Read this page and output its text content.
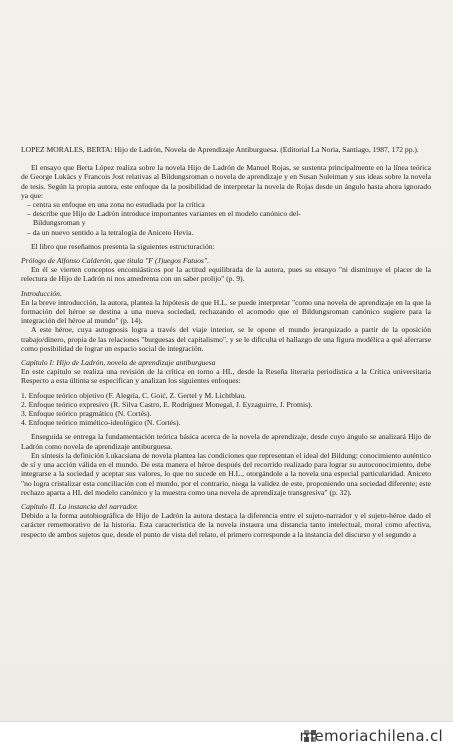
LOPEZ MORALES, BERTA: Hijo de Ladrón, Novela de Aprendizaje Antiburguesa. (Editorial La Noria, Santiago, 1987, 172 pp.).

El ensayo que Berta López realiza sobre la novela Hijo de Ladrón de Manuel Rojas, se sustenta principalmente en la línea teórica de George Lukács y Francois Jost relativas al Bildungsroman o novela de aprendizaje y en Susan Suleiman y sus ideas sobre la novela de tesis. Según la propia autora, este enfoque da la posibilidad de interpretar la novela de Rojas desde un ángulo hasta ahora ignorado ya que:

– centra su enfoque en una zona no estudiada por la crítica

– describe que Hijo de Ladrón introduce importantes variantes en el modelo canónico del-

Bildungsroman y

– da un nuevo sentido a la tetralogía de Aniceto Hevia.

El libro que reseñamos presenta la siguientes estructuración:

Prólogo de Alfonso Calderón, que titula "F (J)uegos Fatuos".

En él se vierten conceptos encomiásticos por la actitud equilibrada de la autora, pues su ensayo "ni disminuye el placer de la relectura de Hijo de Ladrón ni nos amedrenta con un saber prolijo" (p. 9).

Introducción.

En la breve introducción, la autora, plantea la hipótesis de que H.L. se puede interpretar "como una novela de aprendizaje en la que la formación del héroe se destina a una nueva sociedad, rechazando el acomodo que el Bildungsroman canónico sugiere para la integración del héroe al mundo" (p. 14).

A este héroe, cuya autognosis logra a través del viaje interior, se le opone el mundo jerarquizado a partir de la oposición trabajo/dinero, propia de las relaciones "burguesas del capitalismo", y se le dificulta el hallazgo de una figura modélica a qué aferrarse como posibilidad de lograr un espacio social de integración.

Capítulo I: Hijo de Ladrón, novela de aprendizaje antiburguesa

En este capítulo se realiza una revisión de la crítica en torno a HL, desde la Reseña literaria periodística a la Crítica universitaria Respecto a esta última se especifican y analizan los siguientes enfoques:

1. Enfoque teórico objetivo (F. Alegría, C. Goić, Z. Gertel y M. Lichtblau.

2. Enfoque teórico expresivo (R. Silva Castro, E. Rodríguez Monegal, J. Eyzaguirre, J. Promis).

3. Enfoque teórico pragmático (N. Cortés).

4. Enfoque teórico mimético-ideológico (N. Cortés).

Enseguida se entrega la fundamentación teórica básica acerca de la novela de aprendizaje, desde cuyo ángulo se analizará Hijo de Ladrón como novela de aprendizaje antiburguesa.

En síntesis la definición Lukacsiana de novela plantea las condiciones que representan el ideal del Bildung: conocimiento auténtico de sí y una acción válida en el mundo. De esta manera el héroe después del recorrido realizado para lograr su autoconocimiento, debe integrarse a la sociedad y aceptar sus valores, lo que no sucede en H.L., otorgándole a la novela una especial particularidad. Aniceto "no logra cristalizar esta conciliación con el mundo, por el contrario, niega la validez de este, proponiendo una sociedad diferente; este rechazo aparta a HL del modelo canónico y la muestra como una novela de aprendizaje transgresiva" (p. 32).

Capítulo II. La instancia del narrador.

Debido a la forma autobiográfica de Hijo de Ladrón la autora destaca la diferencia entre el sujeto-narrador y el sujeto-héroe dado el carácter rememorativo de la historia. Esta característica de la novela instaura una distancia tanto intelectual, moral como afectiva, respecto de ambos sujetos que, desde el punto de vista del relato, el primero corresponde a la instancia del discurso y el segundo a

memoriachilena.cl
